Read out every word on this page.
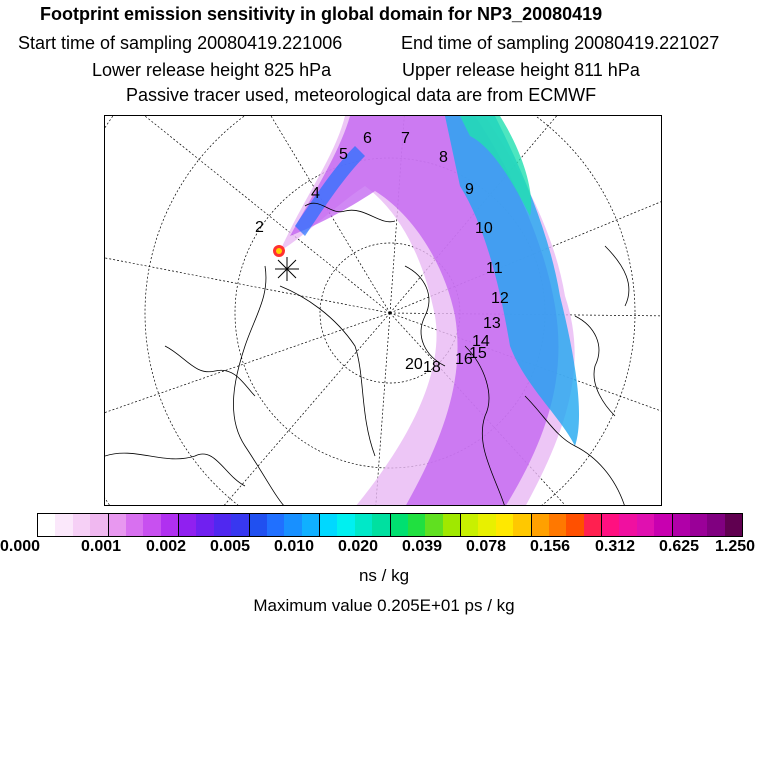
Footprint emission sensitivity in global domain for NP3_20080419
Start time of sampling 20080419.221006	End time of sampling 20080419.221027
Lower release height 825 hPa	Upper release height 811 hPa
Passive tracer used, meteorological data are from ECMWF
2
4
5
6 7
8
9
10
11
12
13
14
15
16
18
20
0.000	0.001 0.002 0.005 0.010 0.020 0.039 0.078 0.156 0.312 0.625 1.250
ns / kg
Maximum value 0.205E+01 ps / kg
